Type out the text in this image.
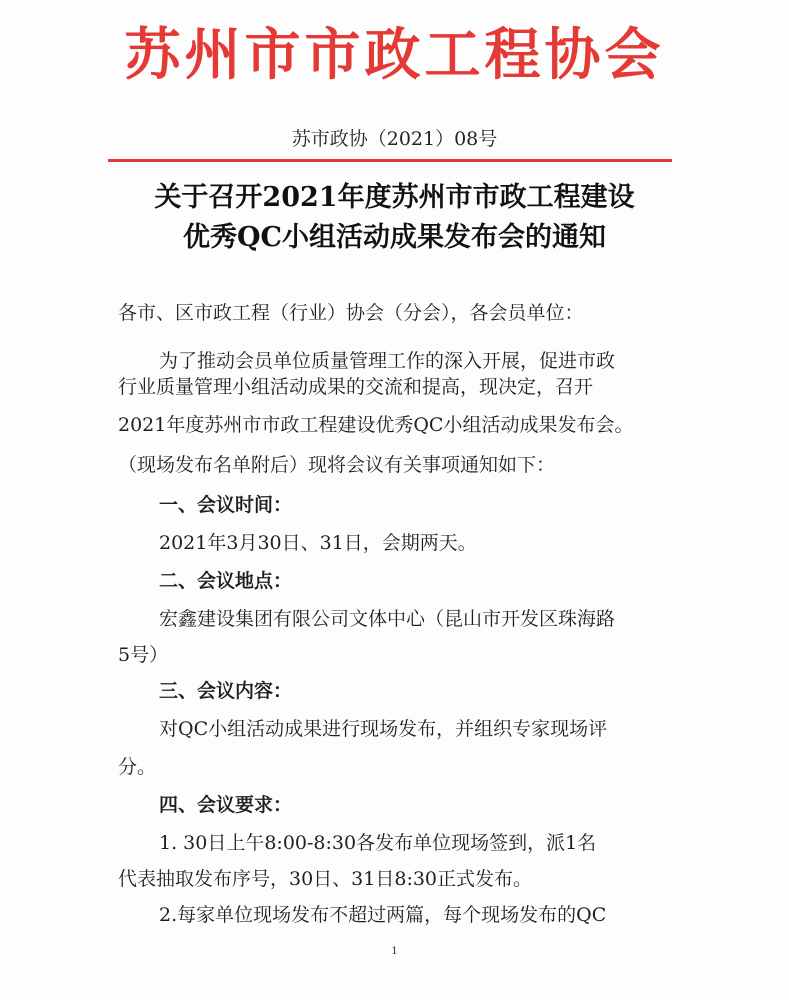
苏州市市政工程协会
苏市政协（2021）08号
关于召开2021年度苏州市市政工程建设
优秀QC小组活动成果发布会的通知
各市、区市政工程（行业）协会（分会），各会员单位：
为了推动会员单位质量管理工作的深入开展，促进市政
行业质量管理小组活动成果的交流和提高，现决定，召开
2021年度苏州市市政工程建设优秀QC小组活动成果发布会。
（现场发布名单附后）现将会议有关事项通知如下：
一、会议时间：
2021年3月30日、31日，会期两天。
二、会议地点：
宏鑫建设集团有限公司文体中心（昆山市开发区珠海路
5号）
三、会议内容：
对QC小组活动成果进行现场发布，并组织专家现场评
分。
四、会议要求：
1. 30日上午8:00-8:30各发布单位现场签到，派1名
代表抽取发布序号，30日、31日8:30正式发布。
2.每家单位现场发布不超过两篇，每个现场发布的QC
1
